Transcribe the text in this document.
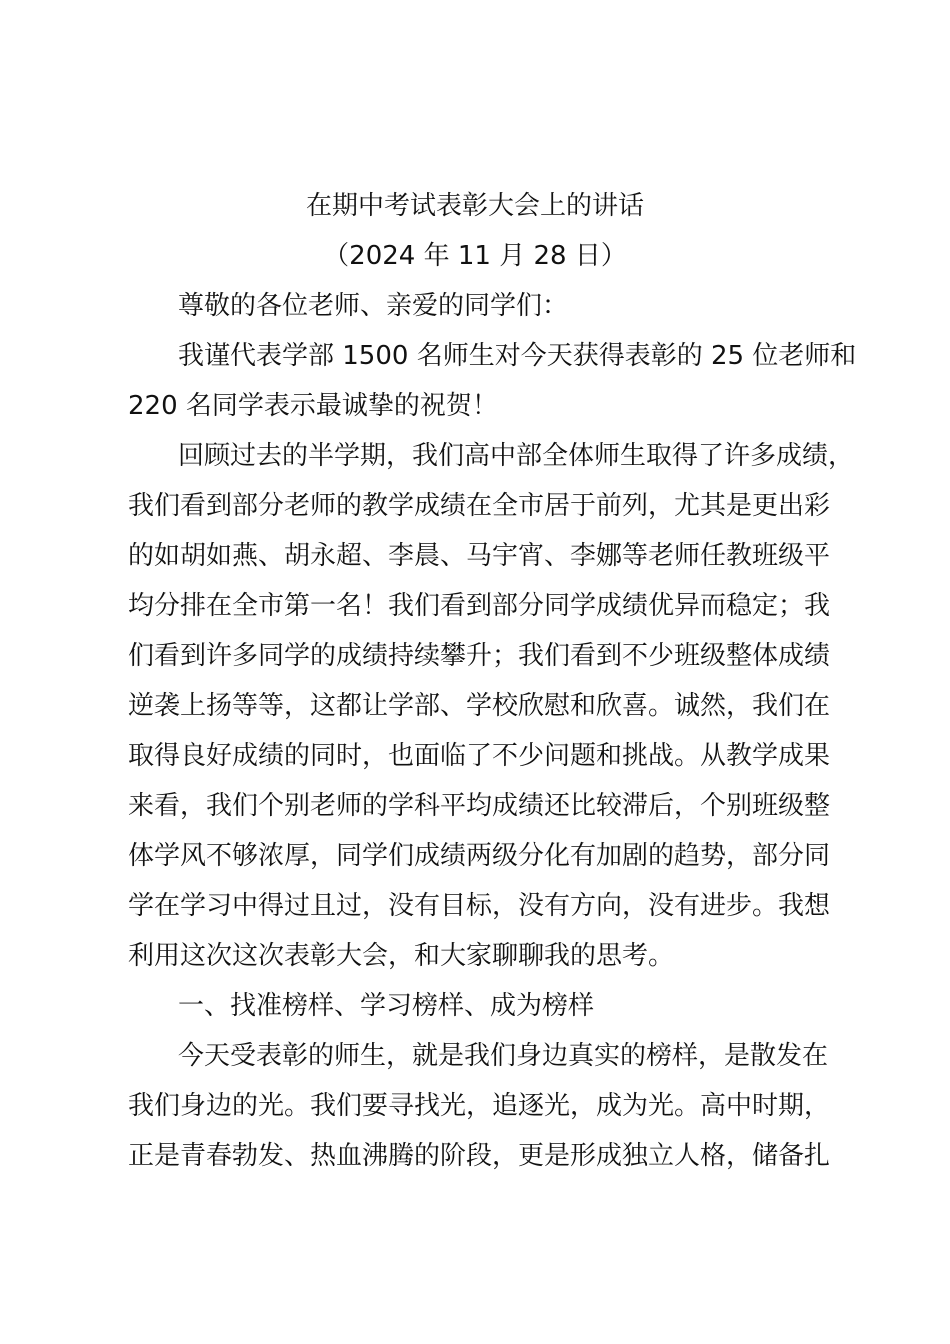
在期中考试表彰大会上的讲话
（2024 年 11 月 28 日）
尊敬的各位老师、亲爱的同学们：
我谨代表学部 1500 名师生对今天获得表彰的 25 位老师和
220 名同学表示最诚挚的祝贺！
回顾过去的半学期，我们高中部全体师生取得了许多成绩，
我们看到部分老师的教学成绩在全市居于前列，尤其是更出彩
的如胡如燕、胡永超、李晨、马宇宵、李娜等老师任教班级平
均分排在全市第一名！我们看到部分同学成绩优异而稳定；我
们看到许多同学的成绩持续攀升；我们看到不少班级整体成绩
逆袭上扬等等，这都让学部、学校欣慰和欣喜。诚然，我们在
取得良好成绩的同时，也面临了不少问题和挑战。从教学成果
来看，我们个别老师的学科平均成绩还比较滞后，个别班级整
体学风不够浓厚，同学们成绩两级分化有加剧的趋势，部分同
学在学习中得过且过，没有目标，没有方向，没有进步。我想
利用这次这次表彰大会，和大家聊聊我的思考。
一、找准榜样、学习榜样、成为榜样
今天受表彰的师生，就是我们身边真实的榜样，是散发在
我们身边的光。我们要寻找光，追逐光，成为光。高中时期，
正是青春勃发、热血沸腾的阶段，更是形成独立人格，储备扎
